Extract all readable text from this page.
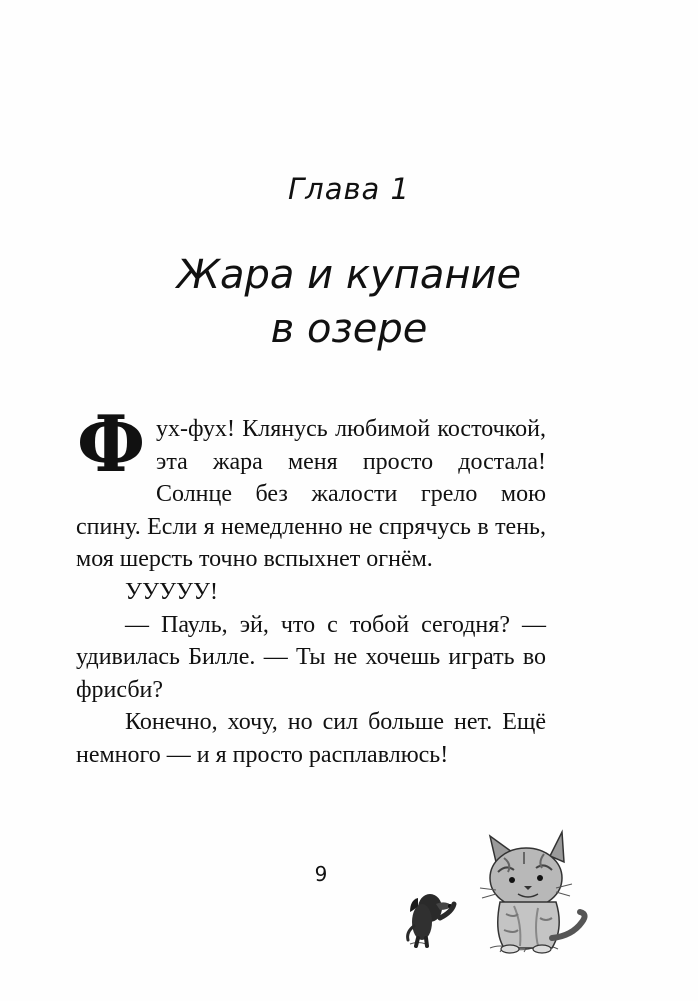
Глава 1
Жара и купание
в озере

Фух-фух! Клянусь любимой косточкой, эта жара меня просто достала! Солнце без жалости грело мою спину. Если я немедленно не спрячусь в тень, моя шерсть точно вспыхнет огнём.

УУУУУ!

— Пауль, эй, что с тобой сегодня? — удивилась Билле. — Ты не хочешь играть во фрисби?

Конечно, хочу, но сил больше нет. Ещё немного — и я просто расплавлюсь!

9
